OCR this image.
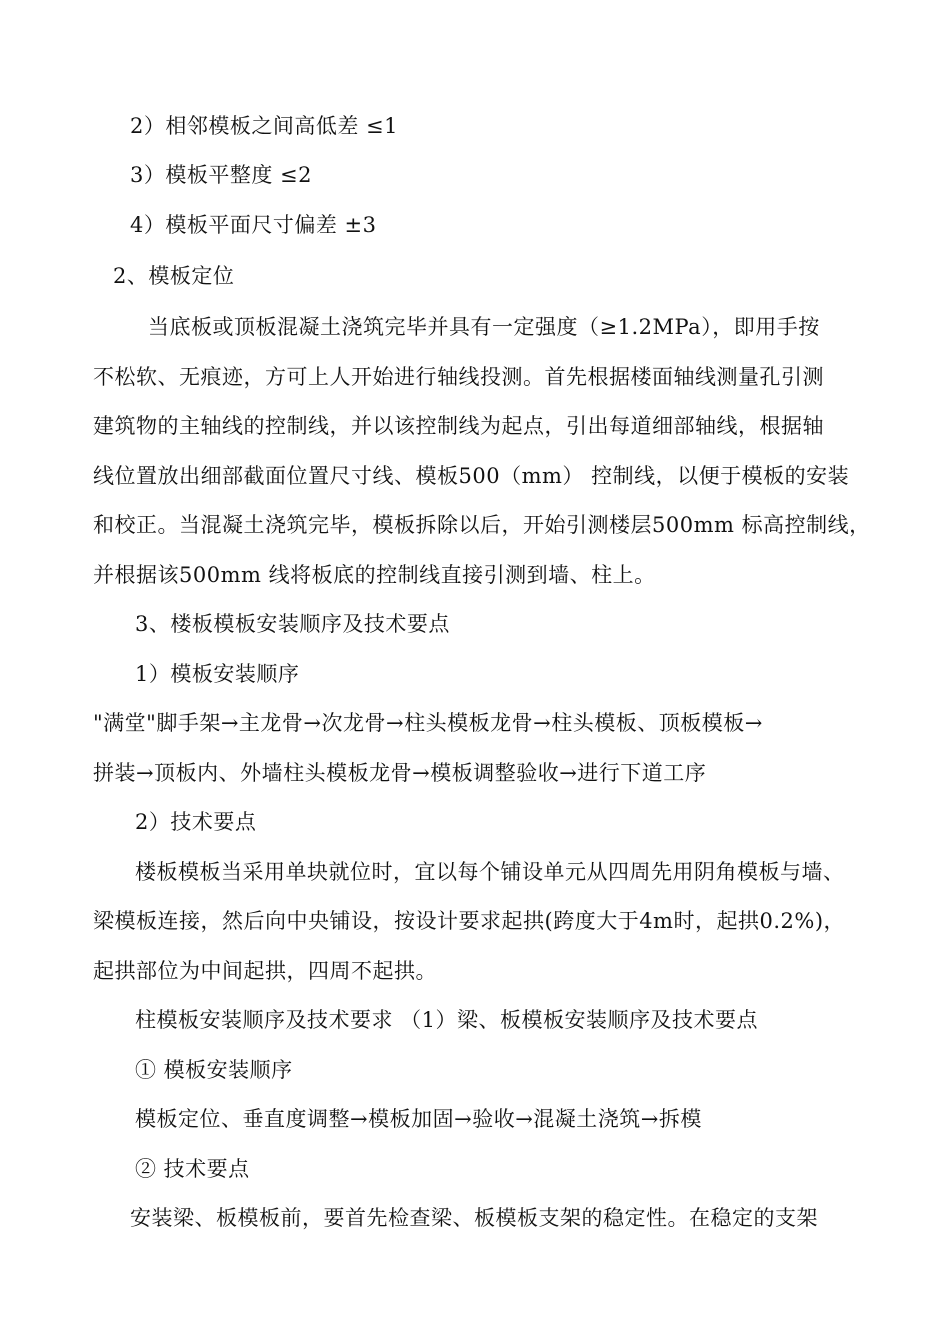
2）相邻模板之间高低差 ≤1
3）模板平整度 ≤2
4）模板平面尺寸偏差 ±3
2、模板定位
当底板或顶板混凝土浇筑完毕并具有一定强度（≥1.2MPa），即用手按
不松软、无痕迹，方可上人开始进行轴线投测。首先根据楼面轴线测量孔引测
建筑物的主轴线的控制线，并以该控制线为起点，引出每道细部轴线，根据轴
线位置放出细部截面位置尺寸线、模板500（mm） 控制线，以便于模板的安装
和校正。当混凝土浇筑完毕，模板拆除以后，开始引测楼层500mm 标高控制线，
并根据该500mm 线将板底的控制线直接引测到墙、柱上。
3、楼板模板安装顺序及技术要点
1）模板安装顺序
"满堂"脚手架→主龙骨→次龙骨→柱头模板龙骨→柱头模板、顶板模板→
拼装→顶板内、外墙柱头模板龙骨→模板调整验收→进行下道工序
2）技术要点
楼板模板当采用单块就位时，宜以每个铺设单元从四周先用阴角模板与墙、
梁模板连接，然后向中央铺设，按设计要求起拱(跨度大于4m时，起拱0.2%)，
起拱部位为中间起拱，四周不起拱。
柱模板安装顺序及技术要求 （1）梁、板模板安装顺序及技术要点
① 模板安装顺序
模板定位、垂直度调整→模板加固→验收→混凝土浇筑→拆模
② 技术要点
安装梁、板模板前，要首先检查梁、板模板支架的稳定性。在稳定的支架
